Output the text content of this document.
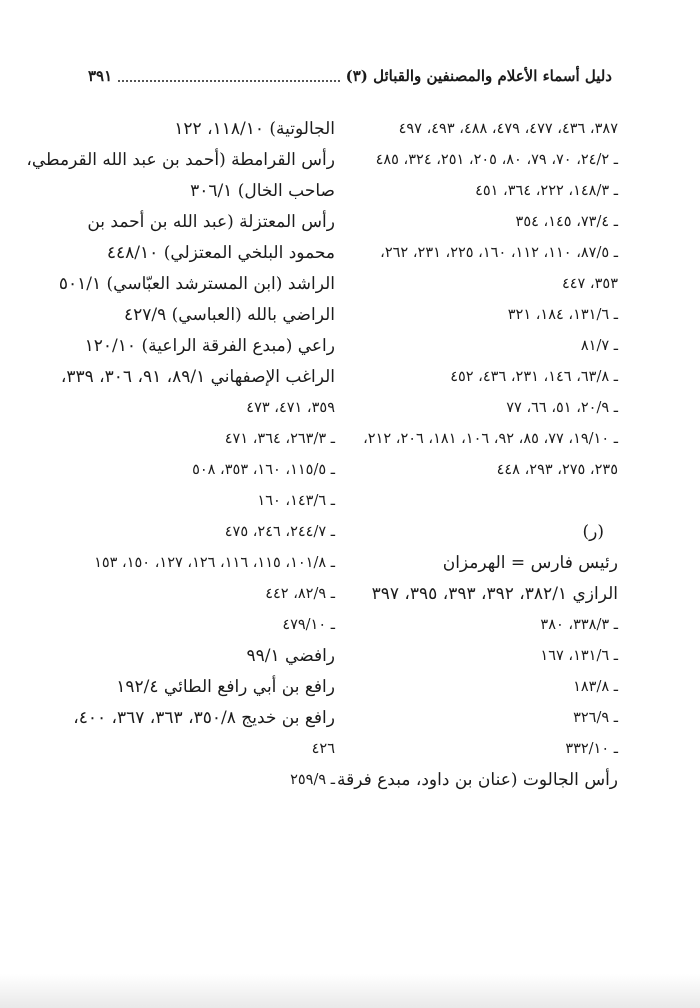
دليل أسماء الأعلام والمصنفين والقبائل (٣)
٣٩١
٣٨٧، ٤٣٦، ٤٧٧، ٤٧٩، ٤٨٨، ٤٩٣، ٤٩٧
ـ ٢٤/٢، ٧٠، ٧٩، ٨٠، ٢٠٥، ٢٥١، ٣٢٤، ٤٨٥
ـ ١٤٨/٣، ٢٢٢، ٣٦٤، ٤٥١
ـ ٧٣/٤، ١٤٥، ٣٥٤
ـ ٨٧/٥، ١١٠، ١١٢، ١٦٠، ٢٢٥، ٢٣١، ٢٦٢،
٣٥٣، ٤٤٧
ـ ١٣١/٦، ١٨٤، ٣٢١
ـ ٨١/٧
ـ ٦٣/٨، ١٤٦، ٢٣١، ٤٣٦، ٤٥٢
ـ ٢٠/٩، ٥١، ٦٦، ٧٧
ـ ١٩/١٠، ٧٧، ٨٥، ٩٢، ١٠٦، ١٨١، ٢٠٦، ٢١٢،
٢٣٥، ٢٧٥، ٢٩٣، ٤٤٨
(ر)
رئيس فارس = الهرمزان
الرازي ٣٨٢/١، ٣٩٢، ٣٩٣، ٣٩٥، ٣٩٧
ـ ٣٣٨/٣، ٣٨٠
ـ ١٣١/٦، ١٦٧
ـ ١٨٣/٨
ـ ٣٢٦/٩
ـ ٣٣٢/١٠
رأس الجالوت (عنان بن داود، مبدع فرقة
الجالوتية) ١١٨/١٠، ١٢٢
رأس القرامطة (أحمد بن عبد الله القرمطي،
صاحب الخال) ٣٠٦/١
رأس المعتزلة (عبد الله بن أحمد بن
محمود البلخي المعتزلي) ٤٤٨/١٠
الراشد (ابن المسترشد العبّاسي) ٥٠١/١
الراضي بالله (العباسي) ٤٢٧/٩
راعي (مبدع الفرقة الراعية) ١٢٠/١٠
الراغب الإصفهاني ٨٩/١، ٩١، ٣٠٦، ٣٣٩،
٣٥٩، ٤٧١، ٤٧٣
ـ ٢٦٣/٣، ٣٦٤، ٤٧١
ـ ١١٥/٥، ١٦٠، ٣٥٣، ٥٠٨
ـ ١٤٣/٦، ١٦٠
ـ ٢٤٤/٧، ٢٤٦، ٤٧٥
ـ ١٠١/٨، ١١٥، ١١٦، ١٢٦، ١٢٧، ١٥٠، ١٥٣
ـ ٨٢/٩، ٤٤٢
ـ ٤٧٩/١٠
رافضي ٩٩/١
رافع بن أبي رافع الطائي ١٩٢/٤
رافع بن خديج ٣٥٠/٨، ٣٦٣، ٣٦٧، ٤٠٠،
٤٢٦
ـ ٢٥٩/٩
